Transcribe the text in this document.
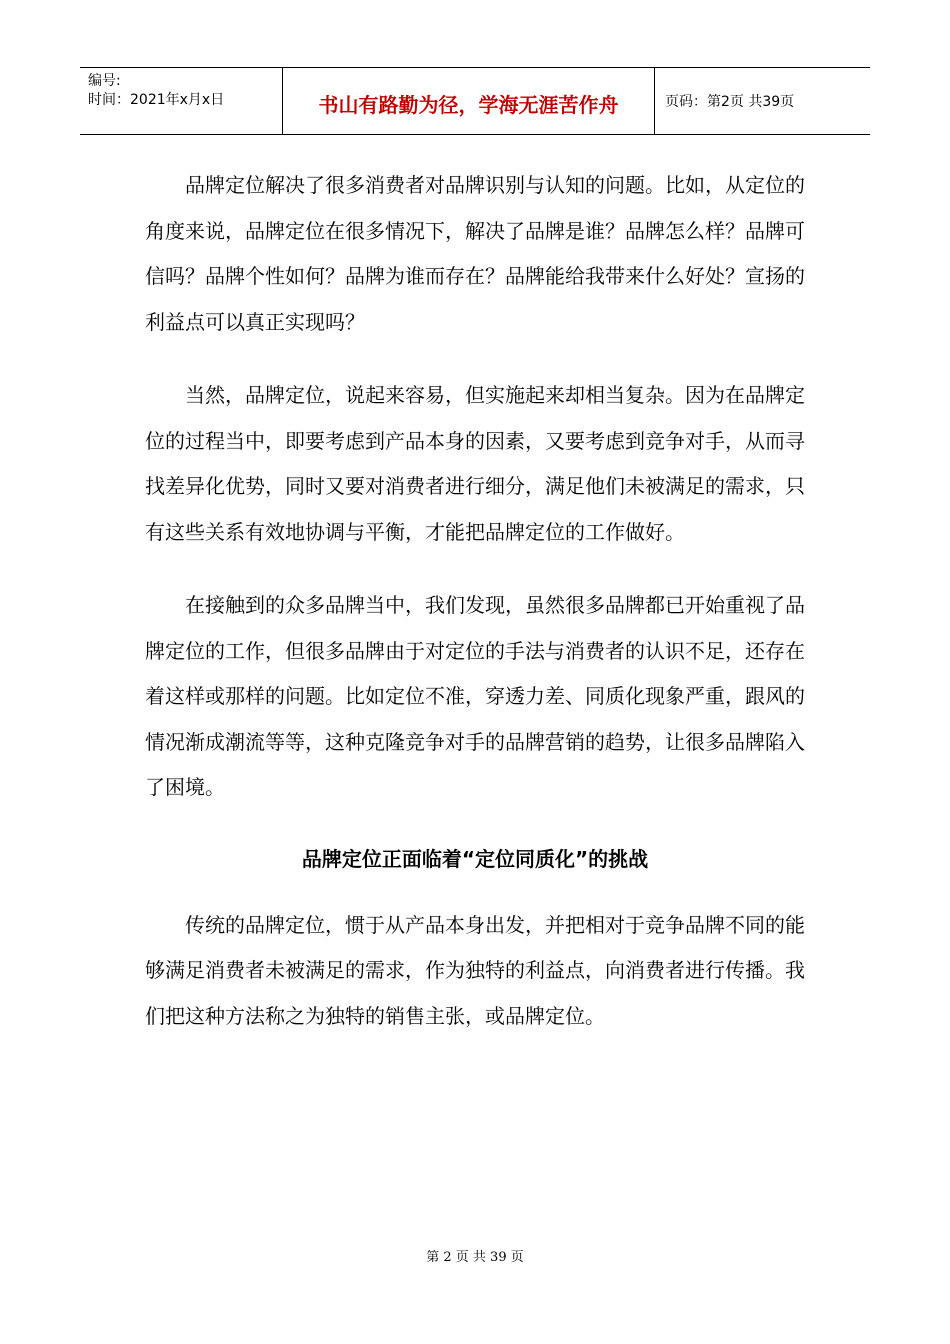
编号:
时间：2021年x月x日	书山有路勤为径，学海无涯苦作舟	页码：第2页 共39页

品牌定位解决了很多消费者对品牌识别与认知的问题。比如，从定位的角度来说，品牌定位在很多情况下，解决了品牌是谁？品牌怎么样？品牌可信吗？品牌个性如何？品牌为谁而存在？品牌能给我带来什么好处？宣扬的利益点可以真正实现吗？

当然，品牌定位，说起来容易，但实施起来却相当复杂。因为在品牌定位的过程当中，即要考虑到产品本身的因素，又要考虑到竞争对手，从而寻找差异化优势，同时又要对消费者进行细分，满足他们未被满足的需求，只有这些关系有效地协调与平衡，才能把品牌定位的工作做好。

在接触到的众多品牌当中，我们发现，虽然很多品牌都已开始重视了品牌定位的工作，但很多品牌由于对定位的手法与消费者的认识不足，还存在着这样或那样的问题。比如定位不准，穿透力差、同质化现象严重，跟风的情况渐成潮流等等，这种克隆竞争对手的品牌营销的趋势，让很多品牌陷入了困境。

品牌定位正面临着“定位同质化”的挑战

传统的品牌定位，惯于从产品本身出发，并把相对于竞争品牌不同的能够满足消费者未被满足的需求，作为独特的利益点，向消费者进行传播。我们把这种方法称之为独特的销售主张，或品牌定位。

第 2 页 共 39 页
